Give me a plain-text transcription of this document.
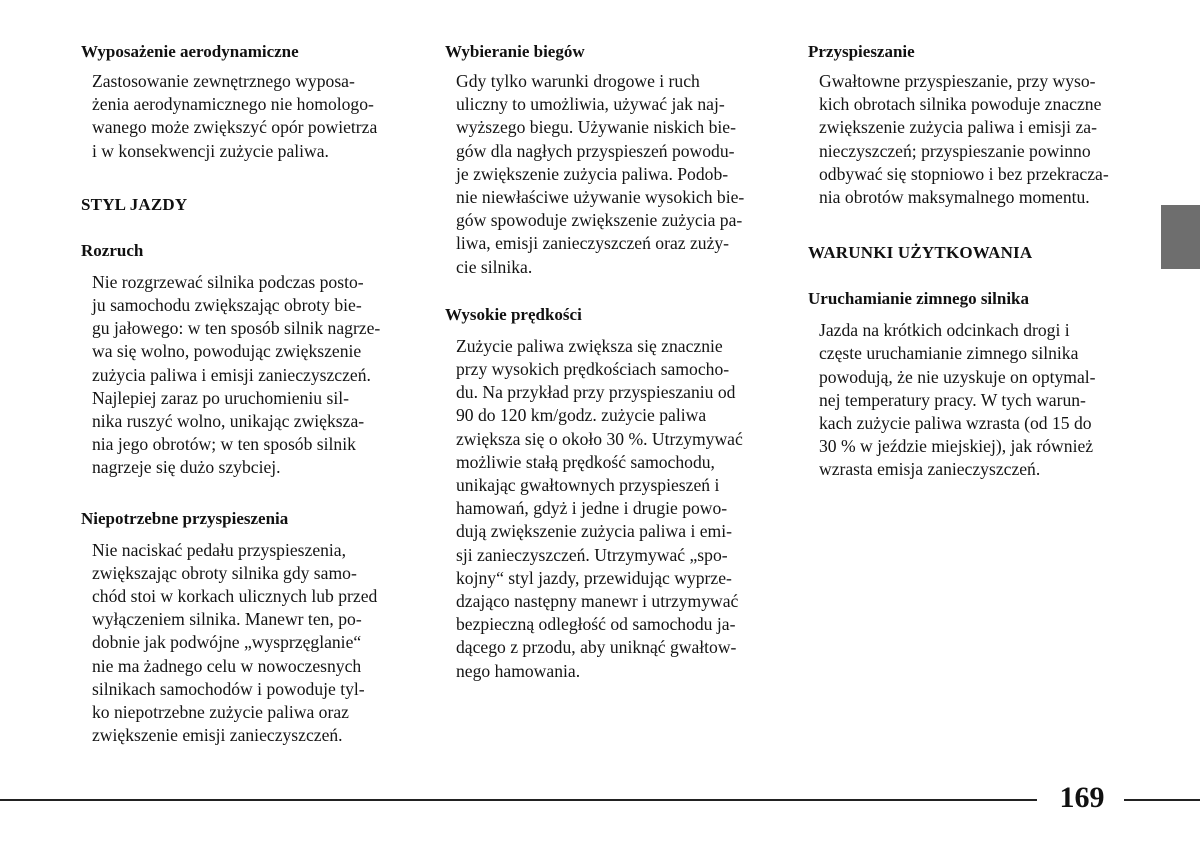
Wyposażenie aerodynamiczne

Zastosowanie zewnętrznego wyposa-
żenia aerodynamicznego nie homologo-
wanego może zwiększyć opór powietrza
i w konsekwencji zużycie paliwa.

STYL JAZDY
Rozruch

Nie rozgrzewać silnika podczas posto-
ju samochodu zwiększając obroty bie-
gu jałowego: w ten sposób silnik nagrze-
wa się wolno, powodując zwiększenie
zużycia paliwa i emisji zanieczyszczeń.
Najlepiej zaraz po uruchomieniu sil-
nika ruszyć wolno, unikając zwiększa-
nia jego obrotów; w ten sposób silnik
nagrzeje się dużo szybciej.

Niepotrzebne przyspieszenia

Nie naciskać pedału przyspieszenia,
zwiększając obroty silnika gdy samo-
chód stoi w korkach ulicznych lub przed
wyłączeniem silnika. Manewr ten, po-
dobnie jak podwójne „wysprzęglanie“
nie ma żadnego celu w nowoczesnych
silnikach samochodów i powoduje tyl-
ko niepotrzebne zużycie paliwa oraz
zwiększenie emisji zanieczyszczeń.

Wybieranie biegów

Gdy tylko warunki drogowe i ruch
uliczny to umożliwia, używać jak naj-
wyższego biegu. Używanie niskich bie-
gów dla nagłych przyspieszeń powodu-
je zwiększenie zużycia paliwa. Podob-
nie niewłaściwe używanie wysokich bie-
gów spowoduje zwiększenie zużycia pa-
liwa, emisji zanieczyszczeń oraz zuży-
cie silnika.

Wysokie prędkości

Zużycie paliwa zwiększa się znacznie
przy wysokich prędkościach samocho-
du. Na przykład przy przyspieszaniu od
90 do 120 km/godz. zużycie paliwa
zwiększa się o około 30 %. Utrzymywać
możliwie stałą prędkość samochodu,
unikając gwałtownych przyspieszeń i
hamowań, gdyż i jedne i drugie powo-
dują zwiększenie zużycia paliwa i emi-
sji zanieczyszczeń. Utrzymywać „spo-
kojny“ styl jazdy, przewidując wyprze-
dzająco następny manewr i utrzymywać
bezpieczną odległość od samochodu ja-
dącego z przodu, aby uniknąć gwałtow-
nego hamowania.

Przyspieszanie

Gwałtowne przyspieszanie, przy wyso-
kich obrotach silnika powoduje znaczne
zwiększenie zużycia paliwa i emisji za-
nieczyszczeń; przyspieszanie powinno
odbywać się stopniowo i bez przekracza-
nia obrotów maksymalnego momentu.

WARUNKI UŻYTKOWANIA
Uruchamianie zimnego silnika

Jazda na krótkich odcinkach drogi i
częste uruchamianie zimnego silnika
powodują, że nie uzyskuje on optymal-
nej temperatury pracy. W tych warun-
kach zużycie paliwa wzrasta (od 15 do
30 % w jeździe miejskiej), jak również
wzrasta emisja zanieczyszczeń.

169
